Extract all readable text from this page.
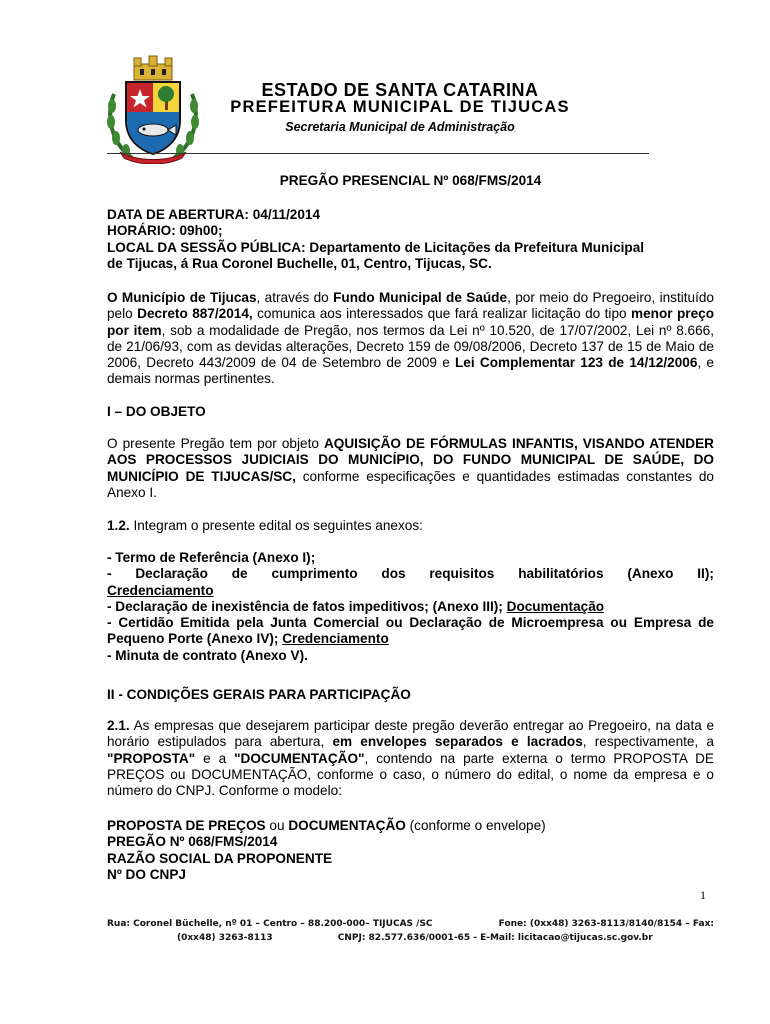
ESTADO DE SANTA CATARINA
PREFEITURA MUNICIPAL DE TIJUCAS
Secretaria Municipal de Administração
PREGÃO PRESENCIAL Nº 068/FMS/2014
DATA DE ABERTURA: 04/11/2014
HORÁRIO: 09h00;
LOCAL DA SESSÃO PÚBLICA: Departamento de Licitações da Prefeitura Municipal
de Tijucas, á Rua Coronel Buchelle, 01, Centro, Tijucas, SC.
O Município de Tijucas, através do Fundo Municipal de Saúde, por meio do Pregoeiro, instituído pelo Decreto 887/2014, comunica aos interessados que fará realizar licitação do tipo menor preço por item, sob a modalidade de Pregão, nos termos da Lei nº 10.520, de 17/07/2002, Lei nº 8.666, de 21/06/93, com as devidas alterações, Decreto 159 de 09/08/2006, Decreto 137 de 15 de Maio de 2006, Decreto 443/2009 de 04 de Setembro de 2009 e Lei Complementar 123 de 14/12/2006, e demais normas pertinentes.
I – DO OBJETO
O presente Pregão tem por objeto AQUISIÇÃO DE FÓRMULAS INFANTIS, VISANDO ATENDER AOS PROCESSOS JUDICIAIS DO MUNICÍPIO, DO FUNDO MUNICIPAL DE SAÚDE, DO MUNICÍPIO DE TIJUCAS/SC, conforme especificações e quantidades estimadas constantes do Anexo I.
1.2. Integram o presente edital os seguintes anexos:
- Termo de Referência (Anexo I);
- Declaração de cumprimento dos requisitos habilitatórios (Anexo II);
Credenciamento
- Declaração de inexistência de fatos impeditivos; (Anexo III); Documentação
- Certidão Emitida pela Junta Comercial ou Declaração de Microempresa ou Empresa de Pequeno Porte (Anexo IV); Credenciamento
- Minuta de contrato (Anexo V).
II - CONDIÇÕES GERAIS PARA PARTICIPAÇÃO
2.1. As empresas que desejarem participar deste pregão deverão entregar ao Pregoeiro, na data e horário estipulados para abertura, em envelopes separados e lacrados, respectivamente, a "PROPOSTA" e a "DOCUMENTAÇÃO", contendo na parte externa o termo PROPOSTA DE PREÇOS ou DOCUMENTAÇÃO, conforme o caso, o número do edital, o nome da empresa e o número do CNPJ. Conforme o modelo:
PROPOSTA DE PREÇOS ou DOCUMENTAÇÃO (conforme o envelope)
PREGÃO Nº 068/FMS/2014
RAZÃO SOCIAL DA PROPONENTE
Nº DO CNPJ
1
Rua: Coronel Büchelle, nº 01 – Centro – 88.200-000– TIJUCAS /SC	Fone: (0xx48) 3263-8113/8140/8154 – Fax:
(0xx48) 3263-8113	CNPJ: 82.577.636/0001-65 - E-Mail: licitacao@tijucas.sc.gov.br
